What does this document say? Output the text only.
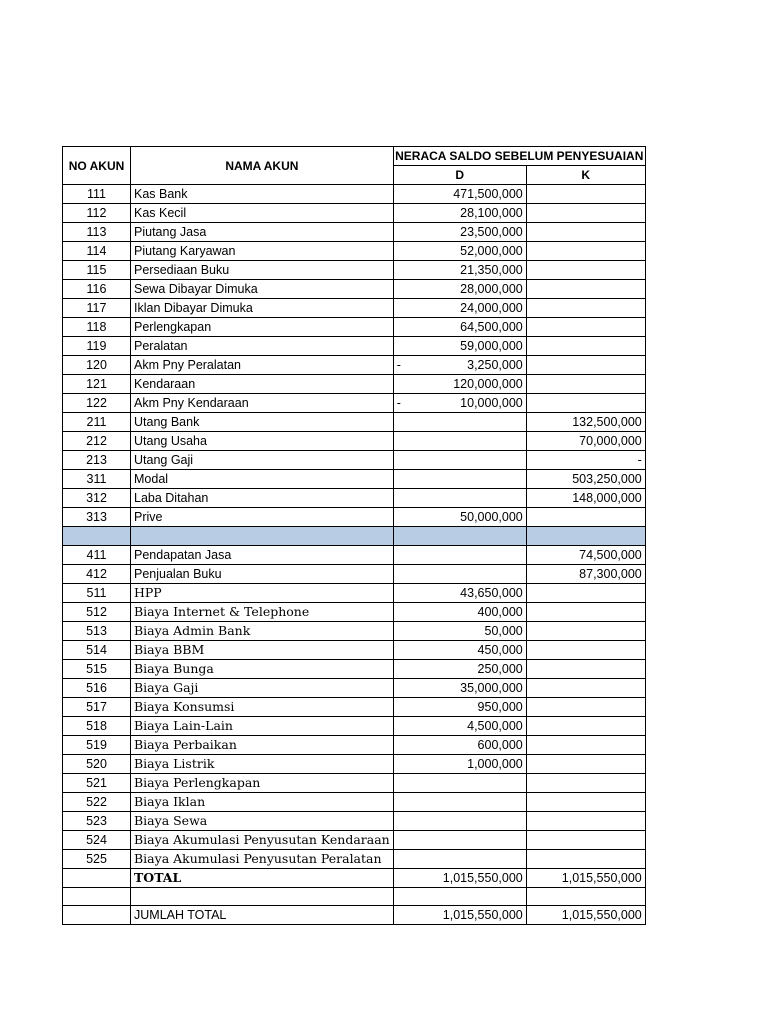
NO AKUN	NAMA AKUN	NERACA SALDO SEBELUM PENYESUAIAN	
		D	K
111	Kas Bank	471,500,000	
112	Kas Kecil	28,100,000	
113	Piutang Jasa	23,500,000	
114	Piutang Karyawan	52,000,000	
115	Persediaan Buku	21,350,000	
116	Sewa Dibayar Dimuka	28,000,000	
117	Iklan Dibayar Dimuka	24,000,000	
118	Perlengkapan	64,500,000	
119	Peralatan	59,000,000	
120	Akm Pny Peralatan	- 3,250,000	
121	Kendaraan	120,000,000	
122	Akm Pny Kendaraan	- 10,000,000	
211	Utang Bank		132,500,000
212	Utang Usaha		70,000,000
213	Utang Gaji		-
311	Modal		503,250,000
312	Laba Ditahan		148,000,000
313	Prive	50,000,000	

411	Pendapatan Jasa		74,500,000
412	Penjualan Buku		87,300,000
511	HPP	43,650,000	
512	Biaya Internet & Telephone	400,000	
513	Biaya Admin Bank	50,000	
514	Biaya BBM	450,000	
515	Biaya Bunga	250,000	
516	Biaya Gaji	35,000,000	
517	Biaya Konsumsi	950,000	
518	Biaya Lain-Lain	4,500,000	
519	Biaya Perbaikan	600,000	
520	Biaya Listrik	1,000,000	
521	Biaya Perlengkapan		
522	Biaya Iklan		
523	Biaya Sewa		
524	Biaya Akumulasi Penyusutan Kendaraan		
525	Biaya Akumulasi Penyusutan Peralatan		
	TOTAL	1,015,550,000	1,015,550,000

	JUMLAH TOTAL	1,015,550,000	1,015,550,000
